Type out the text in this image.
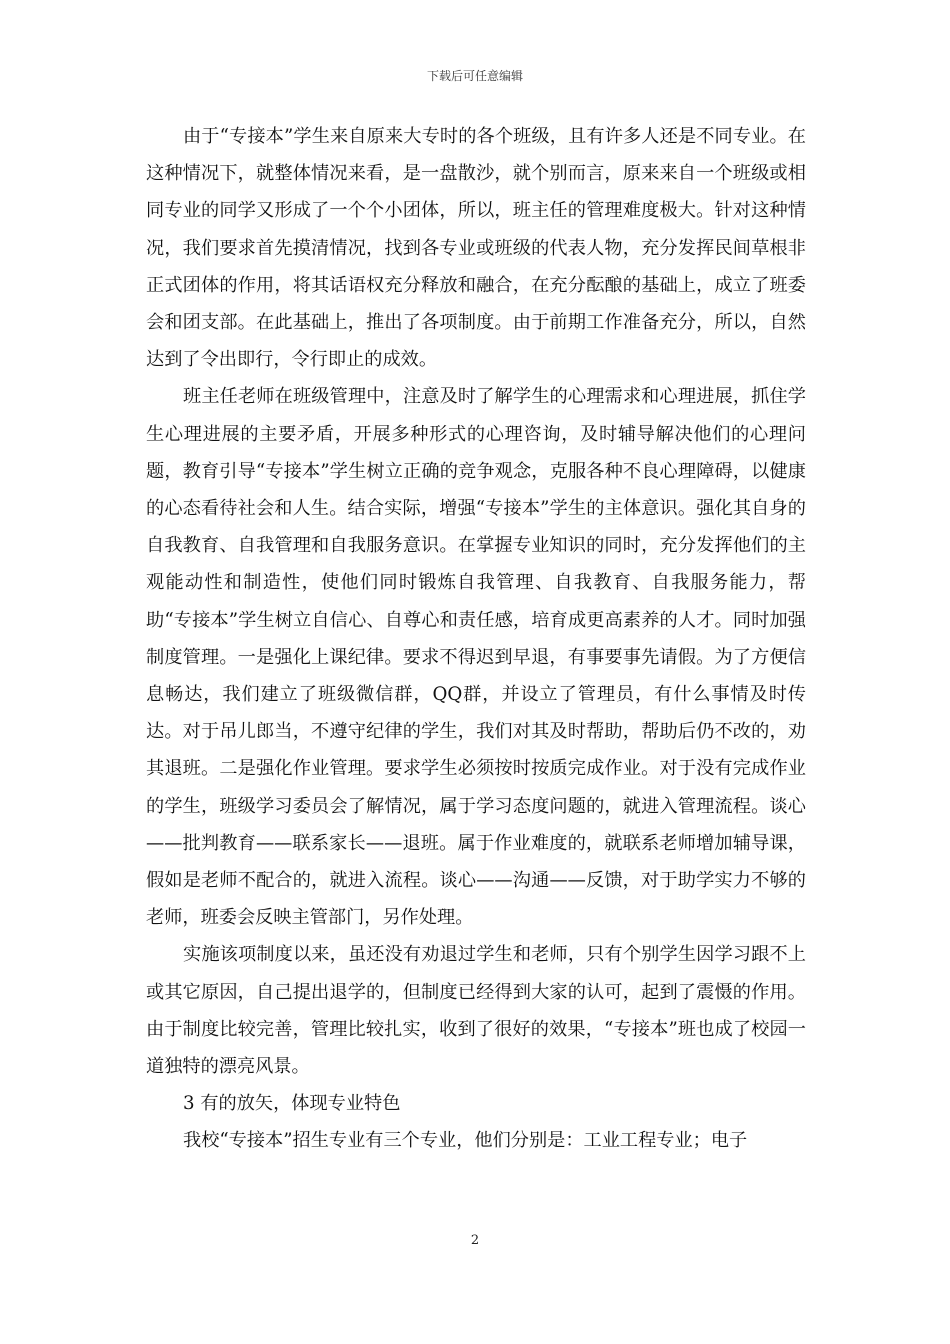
下载后可任意编辑

由于“专接本”学生来自原来大专时的各个班级，且有许多人还是不同专业。在这种情况下，就整体情况来看，是一盘散沙，就个别而言，原来来自一个班级或相同专业的同学又形成了一个个小团体，所以，班主任的管理难度极大。针对这种情况，我们要求首先摸清情况，找到各专业或班级的代表人物，充分发挥民间草根非正式团体的作用，将其话语权充分释放和融合，在充分酝酿的基础上，成立了班委会和团支部。在此基础上，推出了各项制度。由于前期工作准备充分，所以，自然达到了令出即行，令行即止的成效。

班主任老师在班级管理中，注意及时了解学生的心理需求和心理进展，抓住学生心理进展的主要矛盾，开展多种形式的心理咨询，及时辅导解决他们的心理问题，教育引导“专接本”学生树立正确的竞争观念，克服各种不良心理障碍，以健康的心态看待社会和人生。结合实际，增强“专接本”学生的主体意识。强化其自身的自我教育、自我管理和自我服务意识。在掌握专业知识的同时，充分发挥他们的主观能动性和制造性，使他们同时锻炼自我管理、自我教育、自我服务能力，帮助“专接本”学生树立自信心、自尊心和责任感，培育成更高素养的人才。同时加强制度管理。一是强化上课纪律。要求不得迟到早退，有事要事先请假。为了方便信息畅达，我们建立了班级微信群，QQ群，并设立了管理员，有什么事情及时传达。对于吊儿郎当，不遵守纪律的学生，我们对其及时帮助，帮助后仍不改的，劝其退班。二是强化作业管理。要求学生必须按时按质完成作业。对于没有完成作业的学生，班级学习委员会了解情况，属于学习态度问题的，就进入管理流程。谈心——批判教育——联系家长——退班。属于作业难度的，就联系老师增加辅导课，假如是老师不配合的，就进入流程。谈心——沟通——反馈，对于助学实力不够的老师，班委会反映主管部门，另作处理。

实施该项制度以来，虽还没有劝退过学生和老师，只有个别学生因学习跟不上或其它原因，自己提出退学的，但制度已经得到大家的认可，起到了震慑的作用。由于制度比较完善，管理比较扎实，收到了很好的效果，“专接本”班也成了校园一道独特的漂亮风景。

3 有的放矢，体现专业特色

我校“专接本”招生专业有三个专业，他们分别是：工业工程专业；电子

2
